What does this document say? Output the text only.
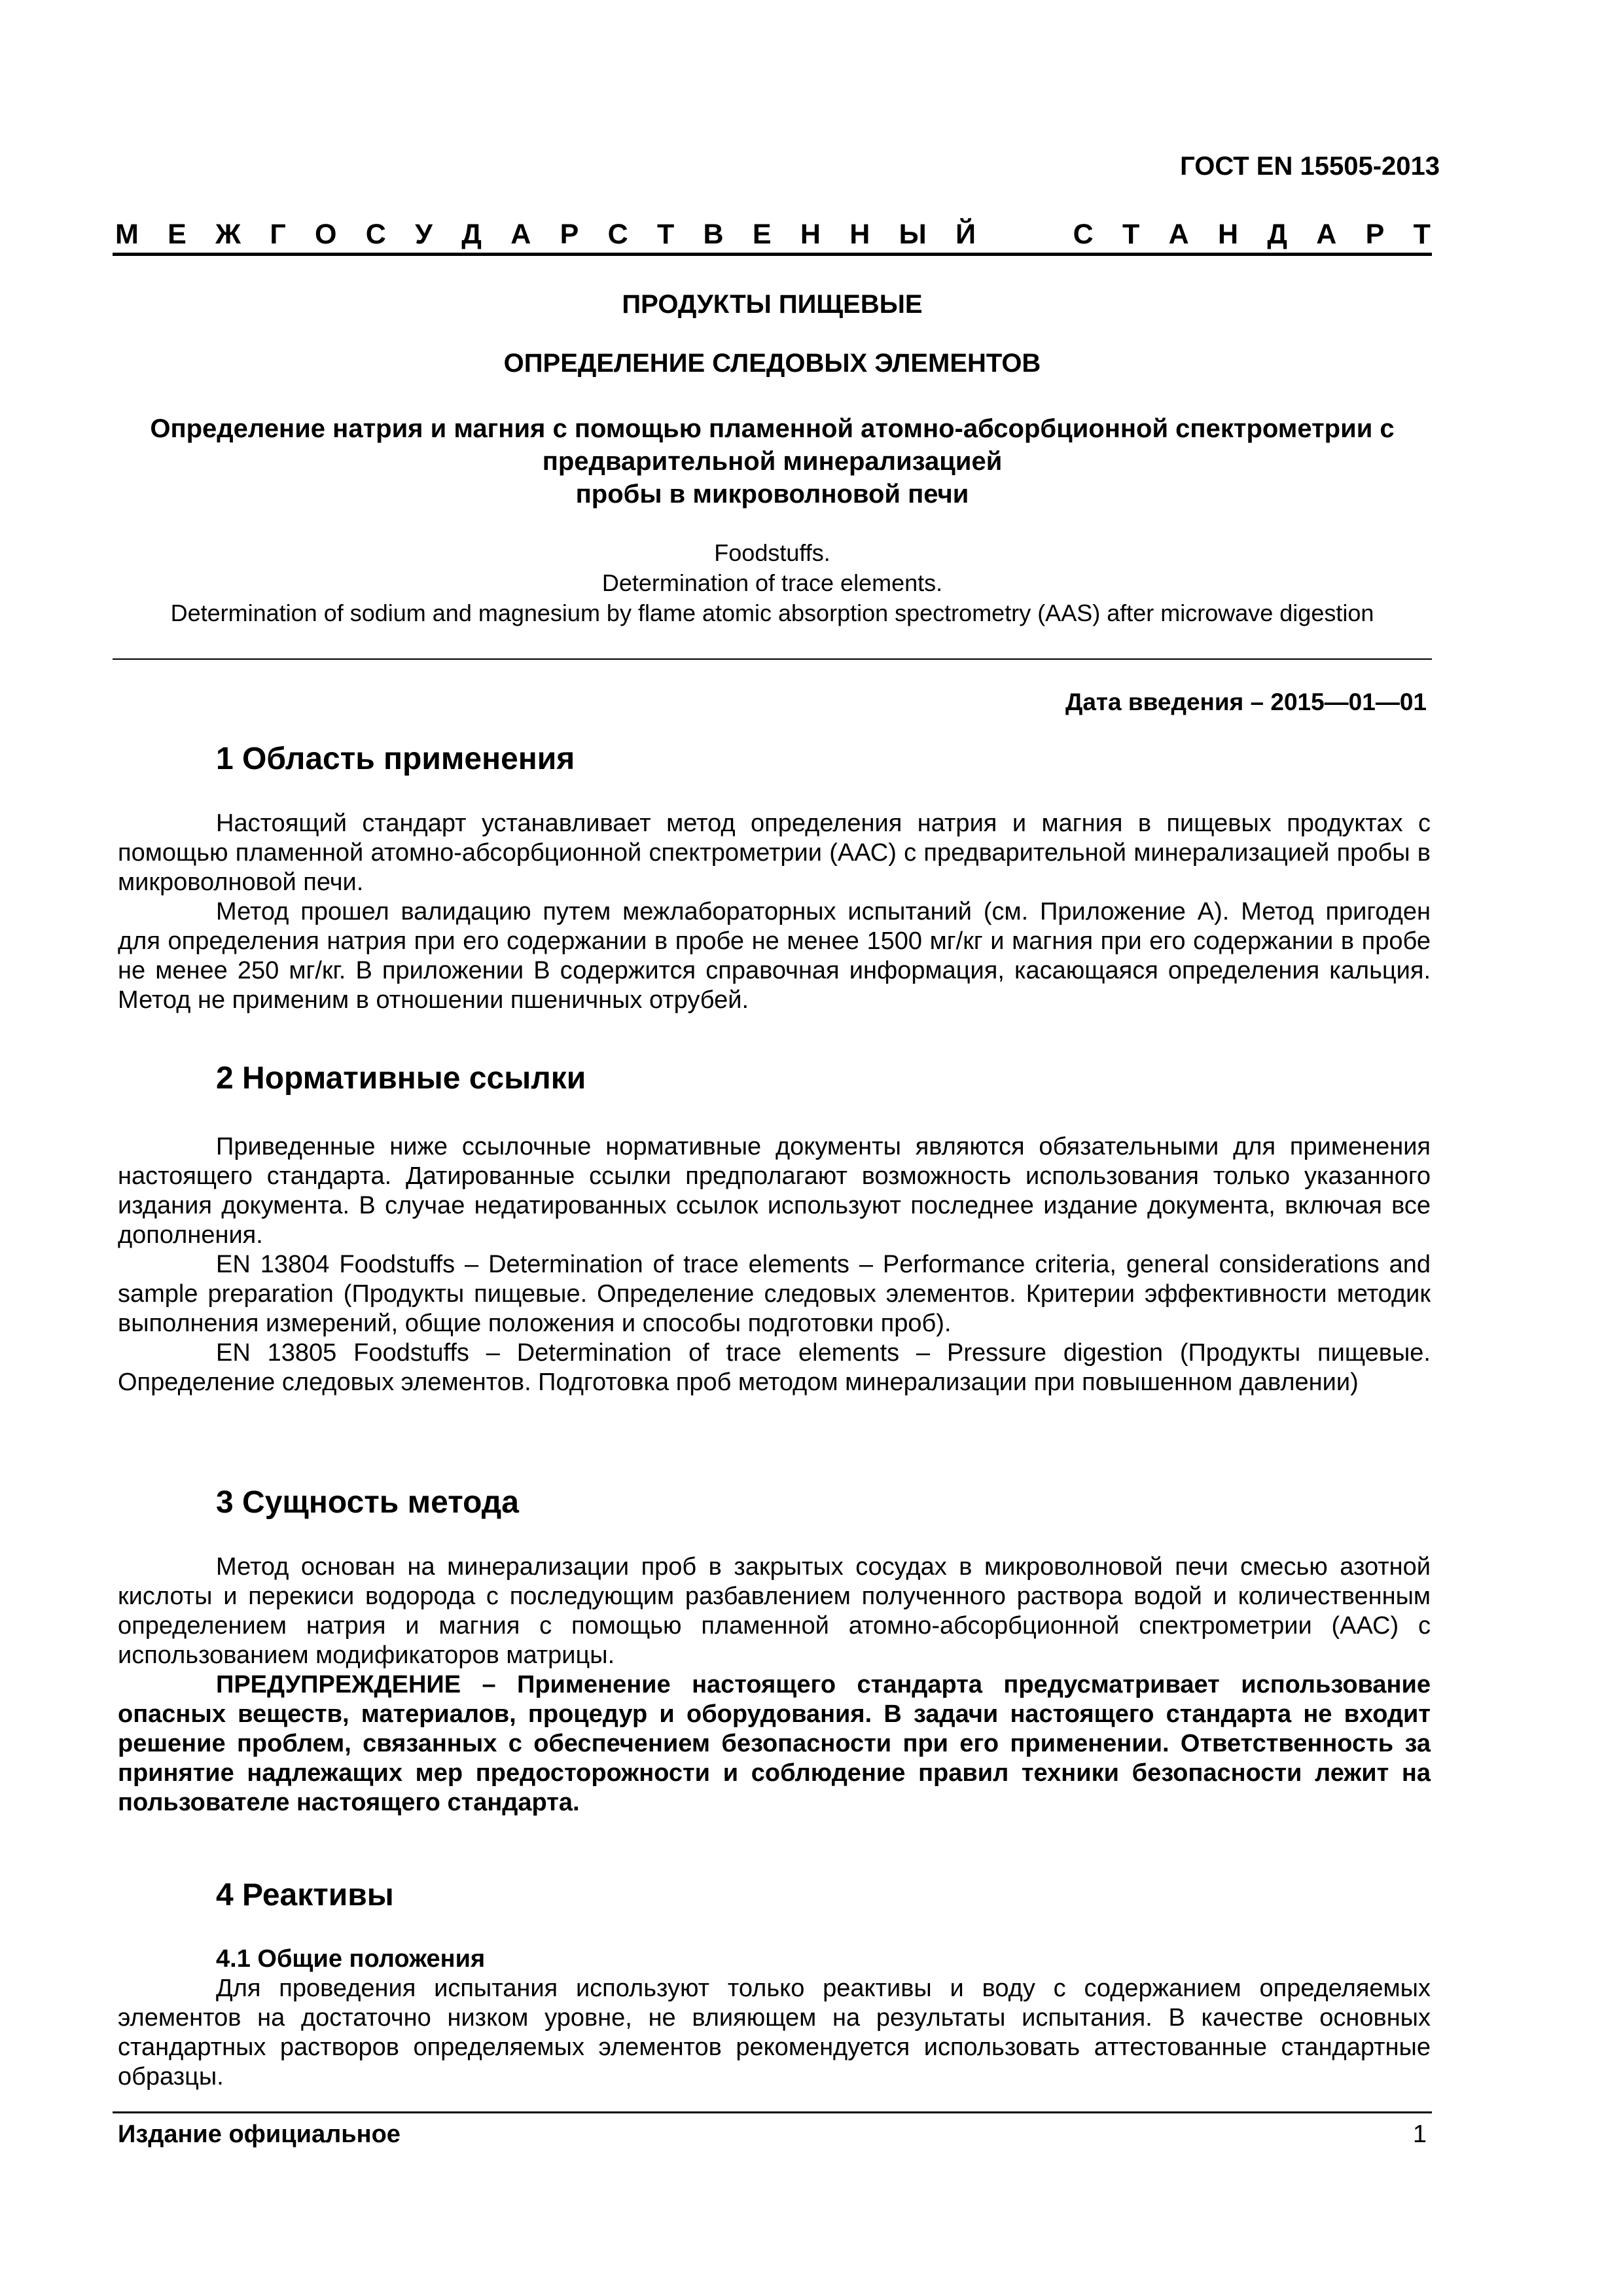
ГОСТ EN 15505-2013
М Е Ж Г О С У Д А Р С Т В Е Н Н Ы Й	С Т А Н Д А Р Т
ПРОДУКТЫ ПИЩЕВЫЕ
ОПРЕДЕЛЕНИЕ СЛЕДОВЫХ ЭЛЕМЕНТОВ
Определение натрия и магния с помощью пламенной атомно-абсорбционной спектрометрии с
предварительной минерализацией
пробы в микроволновой печи
Foodstuffs.
Determination of trace elements.
Determination of sodium and magnesium by flame atomic absorption spectrometry (AAS) after microwave digestion
Дата введения – 2015—01—01
1 Область применения

Настоящий стандарт устанавливает метод определения натрия и магния в пищевых продуктах с помощью пламенной атомно-абсорбционной спектрометрии (ААС) с предварительной минерализацией пробы в микроволновой печи.

Метод прошел валидацию путем межлабораторных испытаний (см. Приложение А). Метод пригоден для определения натрия при его содержании в пробе не менее 1500 мг/кг и магния при его содержании в пробе не менее 250 мг/кг. В приложении В содержится справочная информация, касающаяся определения кальция. Метод не применим в отношении пшеничных отрубей.

2 Нормативные ссылки

Приведенные ниже ссылочные нормативные документы являются обязательными для применения настоящего стандарта. Датированные ссылки предполагают возможность использования только указанного издания документа. В случае недатированных ссылок используют последнее издание документа, включая все дополнения.

EN 13804 Foodstuffs – Determination of trace elements – Performance criteria, general considerations and sample preparation (Продукты пищевые. Определение следовых элементов. Критерии эффективности методик выполнения измерений, общие положения и способы подготовки проб).

EN 13805 Foodstuffs – Determination of trace elements – Pressure digestion (Продукты пищевые. Определение следовых элементов. Подготовка проб методом минерализации при повышенном давлении)

3 Сущность метода

Метод основан на минерализации проб в закрытых сосудах в микроволновой печи смесью азотной кислоты и перекиси водорода с последующим разбавлением полученного раствора водой и количественным определением натрия и магния с помощью пламенной атомно-абсорбционной спектрометрии (ААС) с использованием модификаторов матрицы.

ПРЕДУПРЕЖДЕНИЕ – Применение настоящего стандарта предусматривает использование опасных веществ, материалов, процедур и оборудования. В задачи настоящего стандарта не входит решение проблем, связанных с обеспечением безопасности при его применении. Ответственность за принятие надлежащих мер предосторожности и соблюдение правил техники безопасности лежит на пользователе настоящего стандарта.

4 Реактивы
4.1 Общие положения

Для проведения испытания используют только реактивы и воду с содержанием определяемых элементов на достаточно низком уровне, не влияющем на результаты испытания. В качестве основных стандартных растворов определяемых элементов рекомендуется использовать аттестованные стандартные образцы.

Издание официальное	1
